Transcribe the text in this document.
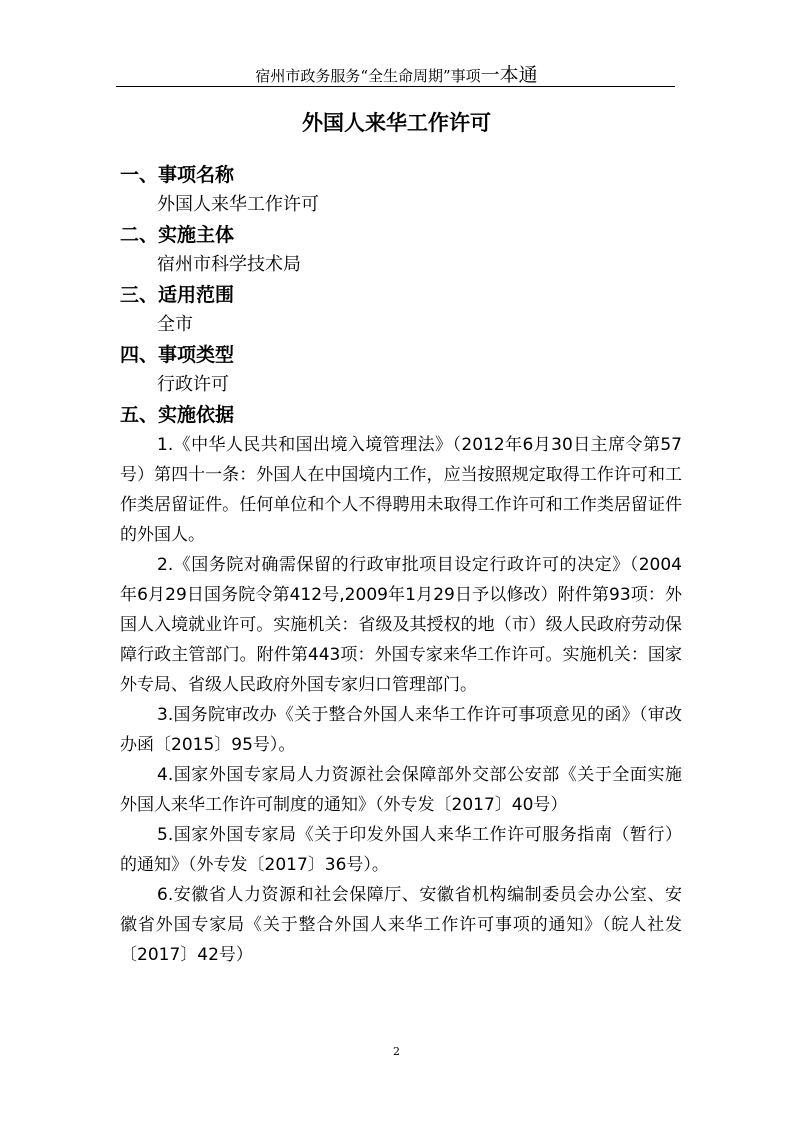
宿州市政务服务“全生命周期”事项一本通
外国人来华工作许可
一、事项名称
外国人来华工作许可
二、实施主体
宿州市科学技术局
三、适用范围
全市
四、事项类型
行政许可
五、实施依据
1.《中华人民共和国出境入境管理法》（2012年6月30日主席令第57号）第四十一条：外国人在中国境内工作，应当按照规定取得工作许可和工作类居留证件。任何单位和个人不得聘用未取得工作许可和工作类居留证件的外国人。
2.《国务院对确需保留的行政审批项目设定行政许可的决定》（2004年6月29日国务院令第412号,2009年1月29日予以修改）附件第93项：外国人入境就业许可。实施机关：省级及其授权的地（市）级人民政府劳动保障行政主管部门。附件第443项：外国专家来华工作许可。实施机关：国家外专局、省级人民政府外国专家归口管理部门。
3.国务院审改办《关于整合外国人来华工作许可事项意见的函》（审改办函〔2015〕95号）。
4.国家外国专家局人力资源社会保障部外交部公安部《关于全面实施外国人来华工作许可制度的通知》（外专发〔2017〕40号）
5.国家外国专家局《关于印发外国人来华工作许可服务指南（暂行）的通知》（外专发〔2017〕36号）。
6.安徽省人力资源和社会保障厅、安徽省机构编制委员会办公室、安徽省外国专家局《关于整合外国人来华工作许可事项的通知》（皖人社发〔2017〕42号）
2
